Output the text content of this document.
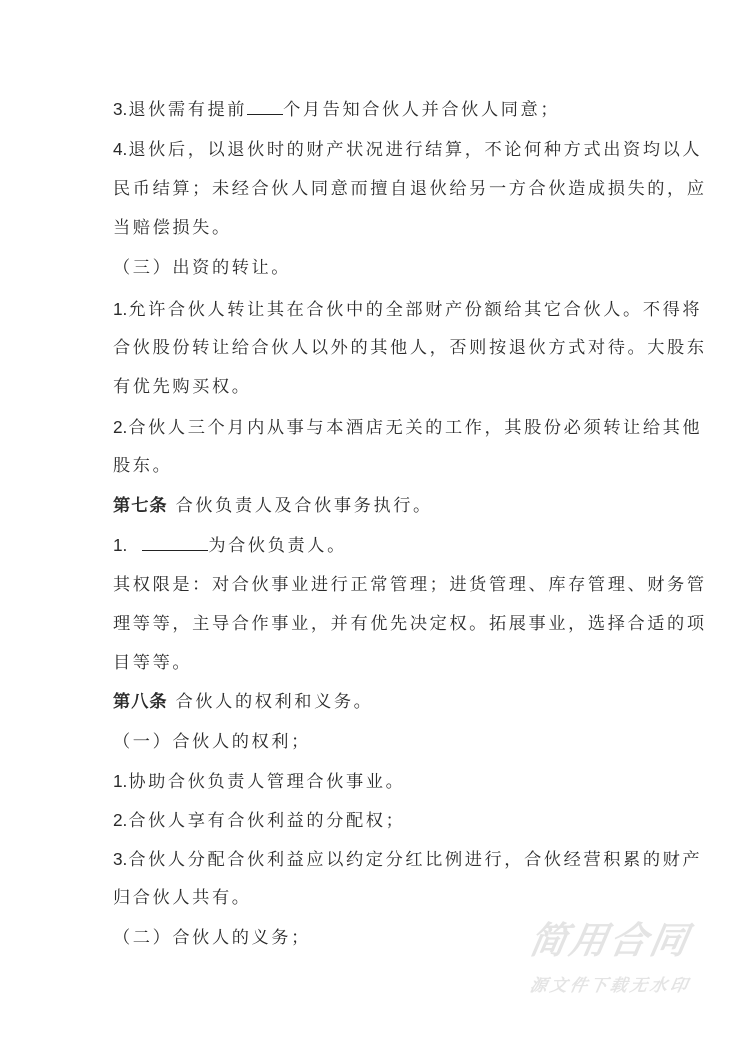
3.退伙需有提前 个月告知合伙人并合伙人同意；
4.退伙后，以退伙时的财产状况进行结算，不论何种方式出资均以人
民币结算；未经合伙人同意而擅自退伙给另一方合伙造成损失的，应
当赔偿损失。
（三）出资的转让。
1.允许合伙人转让其在合伙中的全部财产份额给其它合伙人。不得将
合伙股份转让给合伙人以外的其他人，否则按退伙方式对待。大股东
有优先购买权。
2.合伙人三个月内从事与本酒店无关的工作，其股份必须转让给其他
股东。
第七条 合伙负责人及合伙事务执行。
1.	为合伙负责人。
其权限是：对合伙事业进行正常管理；进货管理、库存管理、财务管
理等等，主导合作事业，并有优先决定权。拓展事业，选择合适的项
目等等。
第八条 合伙人的权利和义务。
（一）合伙人的权利；
1.协助合伙负责人管理合伙事业。
2.合伙人享有合伙利益的分配权；
3.合伙人分配合伙利益应以约定分红比例进行，合伙经营积累的财产
归合伙人共有。
（二）合伙人的义务；	简用合同
源文件下载无水印
